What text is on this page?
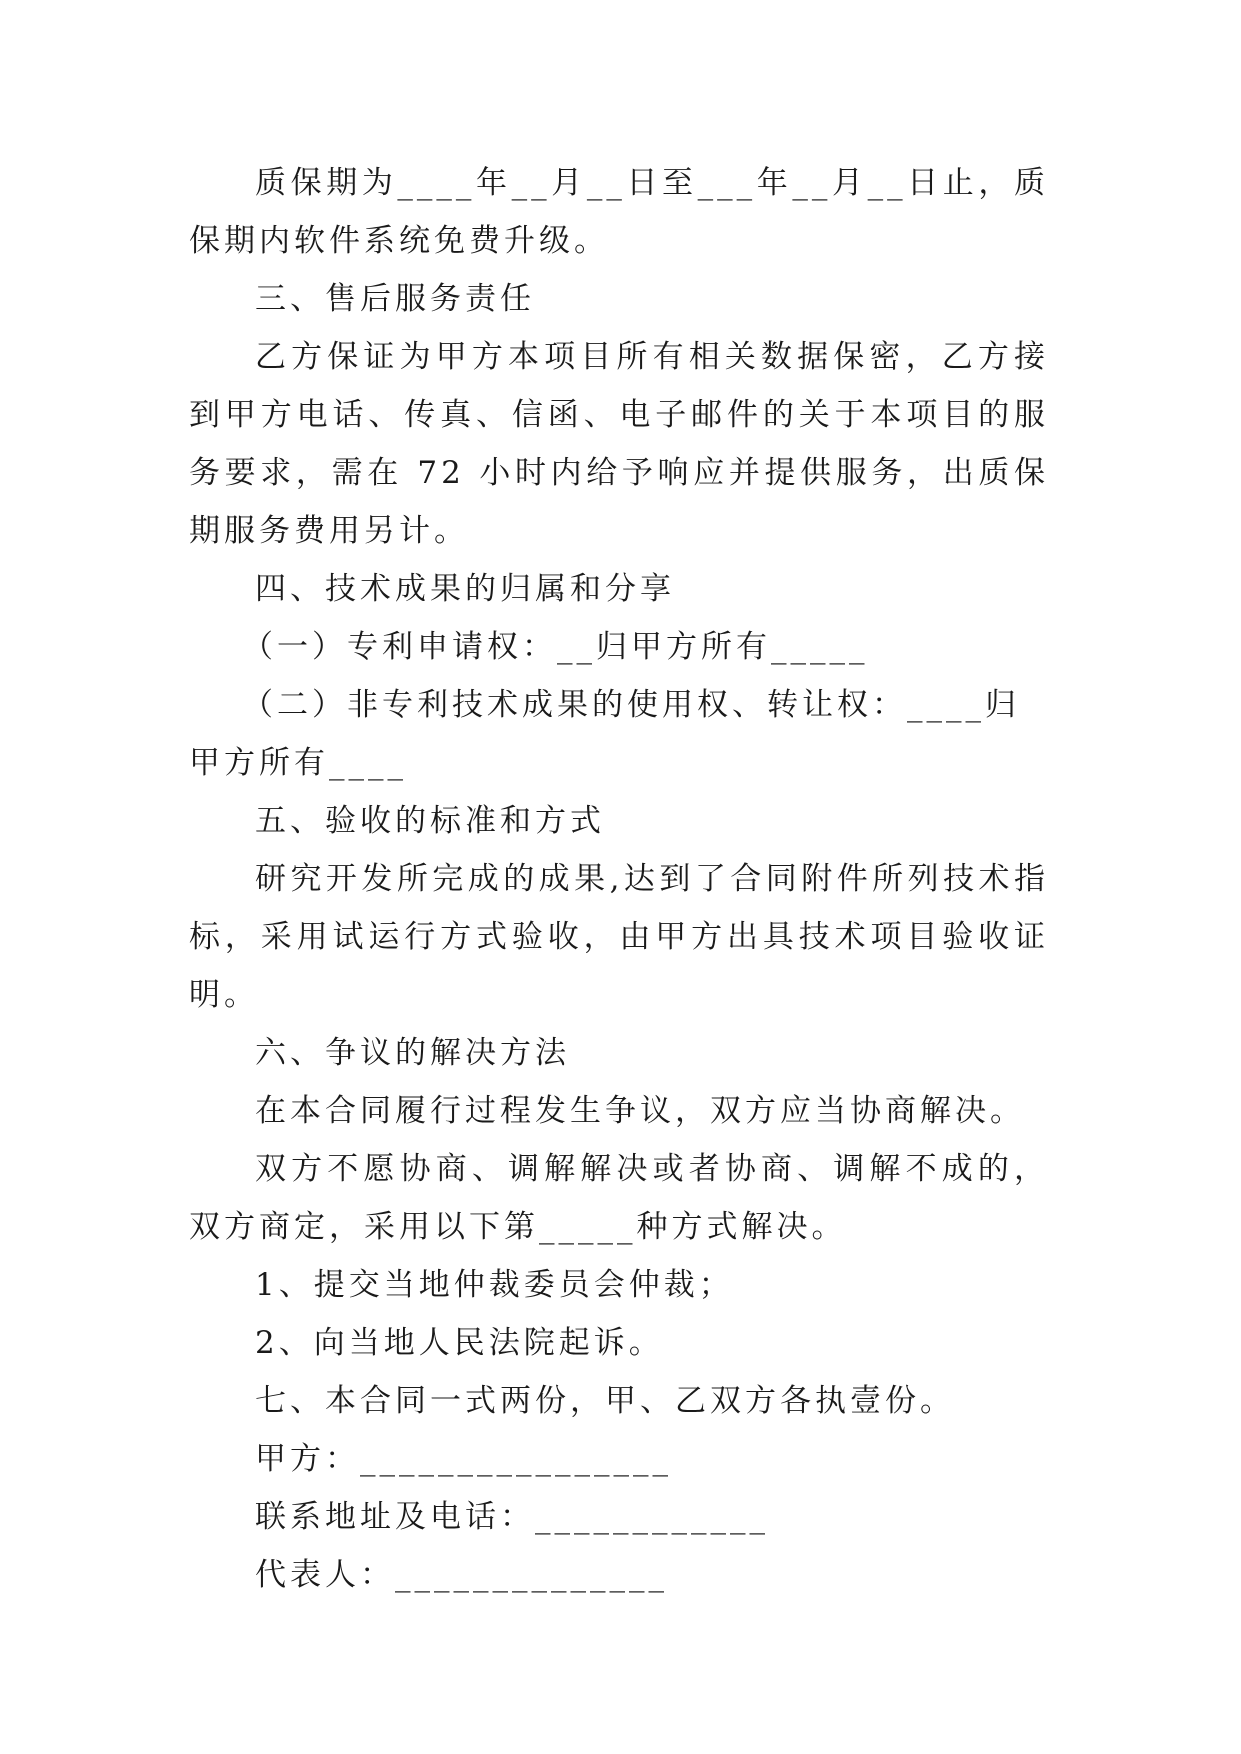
质保期为____年__月__日至___年__月__日止，质保期内软件系统免费升级。

三、售后服务责任

乙方保证为甲方本项目所有相关数据保密，乙方接到甲方电话、传真、信函、电子邮件的关于本项目的服务要求，需在 72 小时内给予响应并提供服务，出质保期服务费用另计。

四、技术成果的归属和分享

（一）专利申请权：__归甲方所有_____

（二）非专利技术成果的使用权、转让权：____归甲方所有____

五、验收的标准和方式

研究开发所完成的成果,达到了合同附件所列技术指标，采用试运行方式验收，由甲方出具技术项目验收证明。

六、争议的解决方法

在本合同履行过程发生争议，双方应当协商解决。

双方不愿协商、调解解决或者协商、调解不成的，双方商定，采用以下第_____种方式解决。

1、提交当地仲裁委员会仲裁；

2、向当地人民法院起诉。

七、本合同一式两份，甲、乙双方各执壹份。

甲方：________________

联系地址及电话：____________

代表人：______________
